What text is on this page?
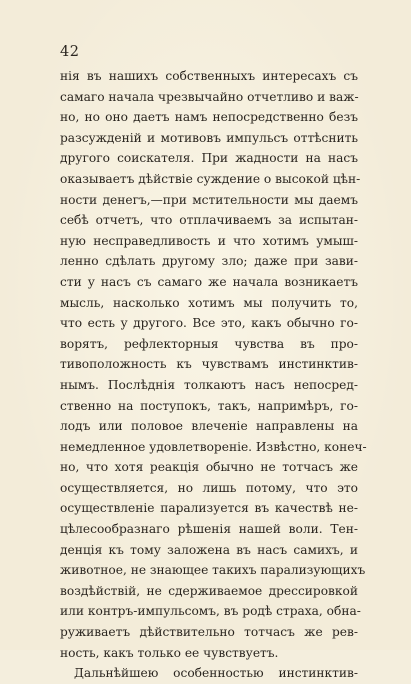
42
нія въ нашихъ собственныхъ интересахъ съ
самаго начала чрезвычайно отчетливо и важ-
но, но оно даетъ намъ непосредственно безъ
разсужденій и мотивовъ импульсъ оттѣснить
другого соискателя. При жадности на насъ
оказываетъ дѣйствіе суждение о высокой цѣн-
ности денегъ,—при мстительности мы даемъ
себѣ отчетъ, что отплачиваемъ за испытан-
ную несправедливость и что хотимъ умыш-
ленно сдѣлать другому зло; даже при зави-
сти у насъ съ самаго же начала возникаетъ
мысль, насколько хотимъ мы получить то,
что есть у другого. Все это, какъ обычно го-
ворятъ, рефлекторныя чувства въ про-
тивоположность къ чувствамъ инстинктив-
нымъ. Послѣднія толкаютъ насъ непосред-
ственно на поступокъ, такъ, напримѣръ, го-
лодъ или половое влеченіе направлены на
немедленное удовлетвореніе. Извѣстно, конеч-
но, что хотя реакція обычно не тотчасъ же
осуществляется, но лишь потому, что это
осуществленіе парализуется въ качествѣ не-
цѣлесообразнаго рѣшенія нашей воли. Тен-
денція къ тому заложена въ насъ самихъ, и
животное, не знающее такихъ парализующихъ
воздѣйствій, не сдерживаемое дрессировкой
или контръ-импульсомъ, въ родѣ страха, обна-
руживаетъ дѣйствительно тотчасъ же рев-
ность, какъ только ее чувствуетъ.
Дальнѣйшею особенностью инстинктив-
